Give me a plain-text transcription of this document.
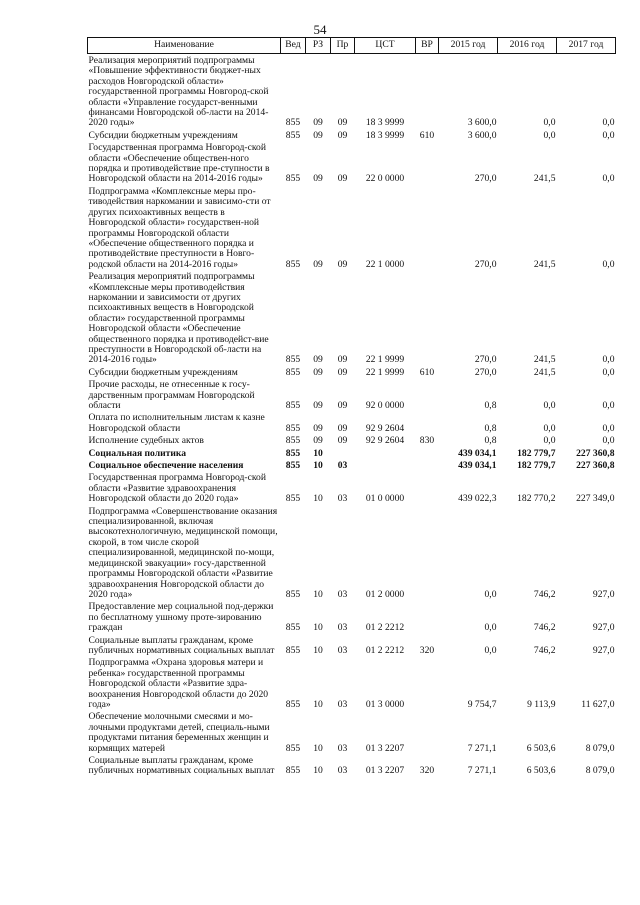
54
Наименование	Вед	РЗ	Пр	ЦСТ	ВР	2015 год	2016 год	2017 год
Реализация мероприятий подпрограммы «Повышение эффективности бюджет-ных расходов Новгородской области» государственной программы Новгород-ской области «Управление государст-венными финансами Новгородской об-ласти на 2014-2020 годы»	855	09	09	18 3 9999		3 600,0	0,0	0,0
Субсидии бюджетным учреждениям	855	09	09	18 3 9999	610	3 600,0	0,0	0,0
Государственная программа Новгород-ской области «Обеспечение обществен-ного порядка и противодействие пре-ступности в Новгородской области на 2014-2016 годы»	855	09	09	22 0 0000		270,0	241,5	0,0
Подпрограмма «Комплексные меры про-тиводействия наркомании и зависимо-сти от других психоактивных веществ в Новгородской области» государствен-ной программы Новгородской области «Обеспечение общественного порядка и противодействие преступности в Новго-родской области на 2014-2016 годы»	855	09	09	22 1 0000		270,0	241,5	0,0
Реализация мероприятий подпрограммы «Комплексные меры противодействия наркомании и зависимости от других психоактивных веществ в Новгородской области» государственной программы Новгородской области «Обеспечение общественного порядка и противодейст-вие преступности в Новгородской об-ласти на 2014-2016 годы»	855	09	09	22 1 9999		270,0	241,5	0,0
Субсидии бюджетным учреждениям	855	09	09	22 1 9999	610	270,0	241,5	0,0
Прочие расходы, не отнесенные к госу-дарственным программам Новгородской области	855	09	09	92 0 0000		0,8	0,0	0,0
Оплата по исполнительным листам к казне Новгородской области	855	09	09	92 9 2604		0,8	0,0	0,0
Исполнение судебных актов	855	09	09	92 9 2604	830	0,8	0,0	0,0
Социальная политика	855	10				439 034,1	182 779,7	227 360,8
Социальное обеспечение населения	855	10	03			439 034,1	182 779,7	227 360,8
Государственная программа Новгород-ской области «Развитие здравоохранения Новгородской области до 2020 года»	855	10	03	01 0 0000		439 022,3	182 770,2	227 349,0
Подпрограмма «Совершенствование оказания специализированной, включая высокотехнологичную, медицинской помощи, скорой, в том числе скорой специализированной, медицинской по-мощи, медицинской эвакуации» госу-дарственной программы Новгородской области «Развитие здравоохранения Новгородской области до 2020 года»	855	10	03	01 2 0000		0,0	746,2	927,0
Предоставление мер социальной под-держки по бесплатному ушному проте-зированию граждан	855	10	03	01 2 2212		0,0	746,2	927,0
Социальные выплаты гражданам, кроме публичных нормативных социальных выплат	855	10	03	01 2 2212	320	0,0	746,2	927,0
Подпрограмма «Охрана здоровья матери и ребенка» государственной программы Новгородской области «Развитие здра-воохранения Новгородской области до 2020 года»	855	10	03	01 3 0000		9 754,7	9 113,9	11 627,0
Обеспечение молочными смесями и мо-лочными продуктами детей, специаль-ными продуктами питания беременных женщин и кормящих матерей	855	10	03	01 3 2207		7 271,1	6 503,6	8 079,0
Социальные выплаты гражданам, кроме публичных нормативных социальных выплат	855	10	03	01 3 2207	320	7 271,1	6 503,6	8 079,0
